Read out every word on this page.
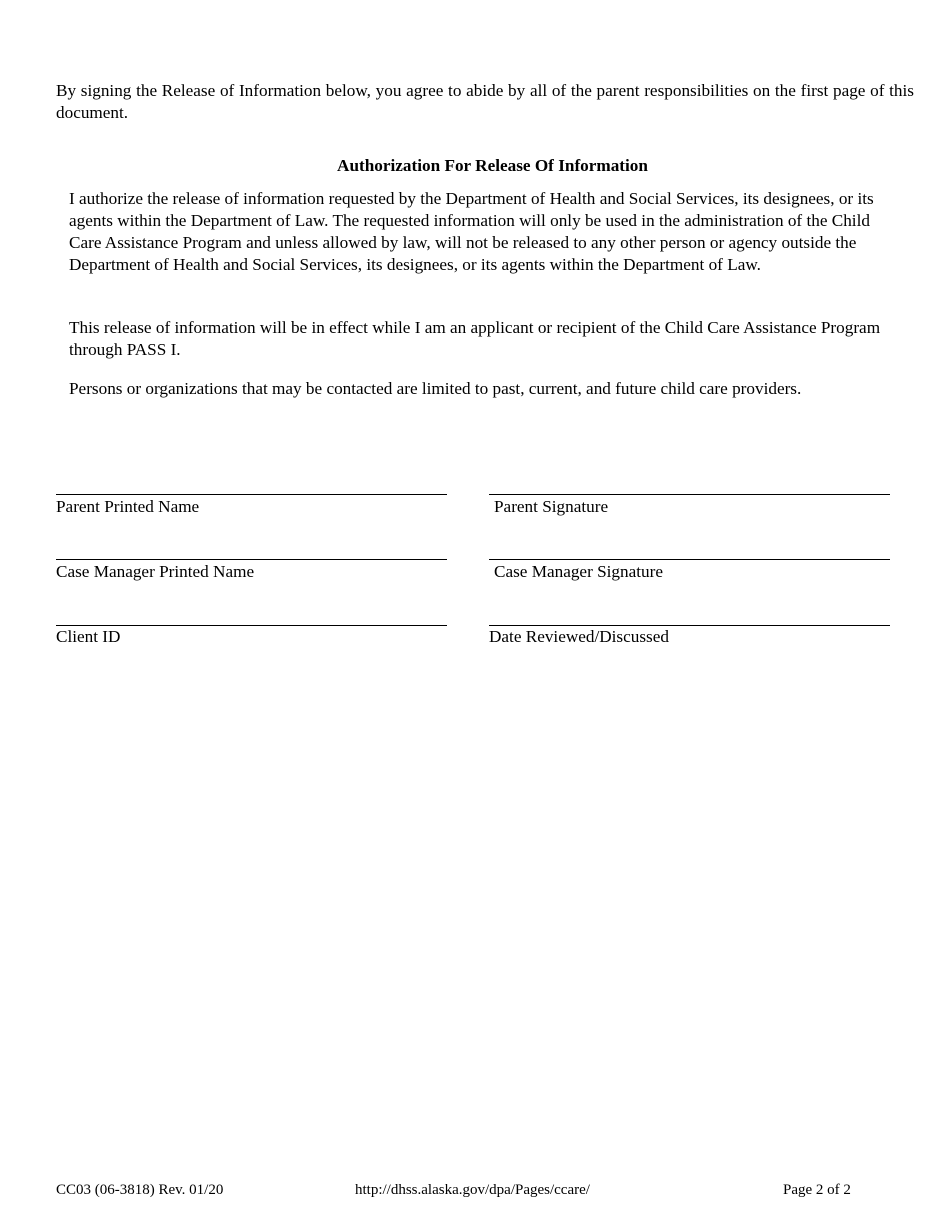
By signing the Release of Information below, you agree to abide by all of the parent responsibilities on the first page of this document.

Authorization For Release Of Information

I authorize the release of information requested by the Department of Health and Social Services, its designees, or its agents within the Department of Law. The requested information will only be used in the administration of the Child Care Assistance Program and unless allowed by law, will not be released to any other person or agency outside the Department of Health and Social Services, its designees, or its agents within the Department of Law.

This release of information will be in effect while I am an applicant or recipient of the Child Care Assistance Program through PASS I.

Persons or organizations that may be contacted are limited to past, current, and future child care providers.

Parent Printed Name	Parent Signature

Case Manager Printed Name	Case Manager Signature

Client ID	Date Reviewed/Discussed

CC03 (06-3818) Rev. 01/20	http://dhss.alaska.gov/dpa/Pages/ccare/	Page 2 of 2
